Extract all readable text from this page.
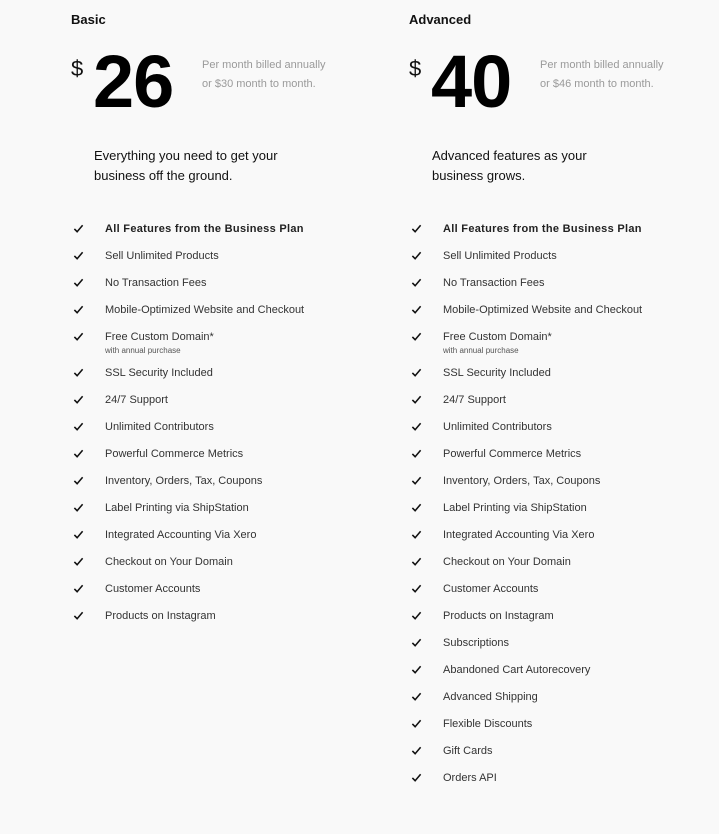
Basic
$ 26	Per month billed annually or $30 month to month.
Everything you need to get your business off the ground.
All Features from the Business Plan
Sell Unlimited Products
No Transaction Fees
Mobile-Optimized Website and Checkout
Free Custom Domain*
with annual purchase
SSL Security Included
24/7 Support
Unlimited Contributors
Powerful Commerce Metrics
Inventory, Orders, Tax, Coupons
Label Printing via ShipStation
Integrated Accounting Via Xero
Checkout on Your Domain
Customer Accounts
Products on Instagram
Advanced
$ 40	Per month billed annually or $46 month to month.
Advanced features as your business grows.
All Features from the Business Plan
Sell Unlimited Products
No Transaction Fees
Mobile-Optimized Website and Checkout
Free Custom Domain*
with annual purchase
SSL Security Included
24/7 Support
Unlimited Contributors
Powerful Commerce Metrics
Inventory, Orders, Tax, Coupons
Label Printing via ShipStation
Integrated Accounting Via Xero
Checkout on Your Domain
Customer Accounts
Products on Instagram
Subscriptions
Abandoned Cart Autorecovery
Advanced Shipping
Flexible Discounts
Gift Cards
Orders API
